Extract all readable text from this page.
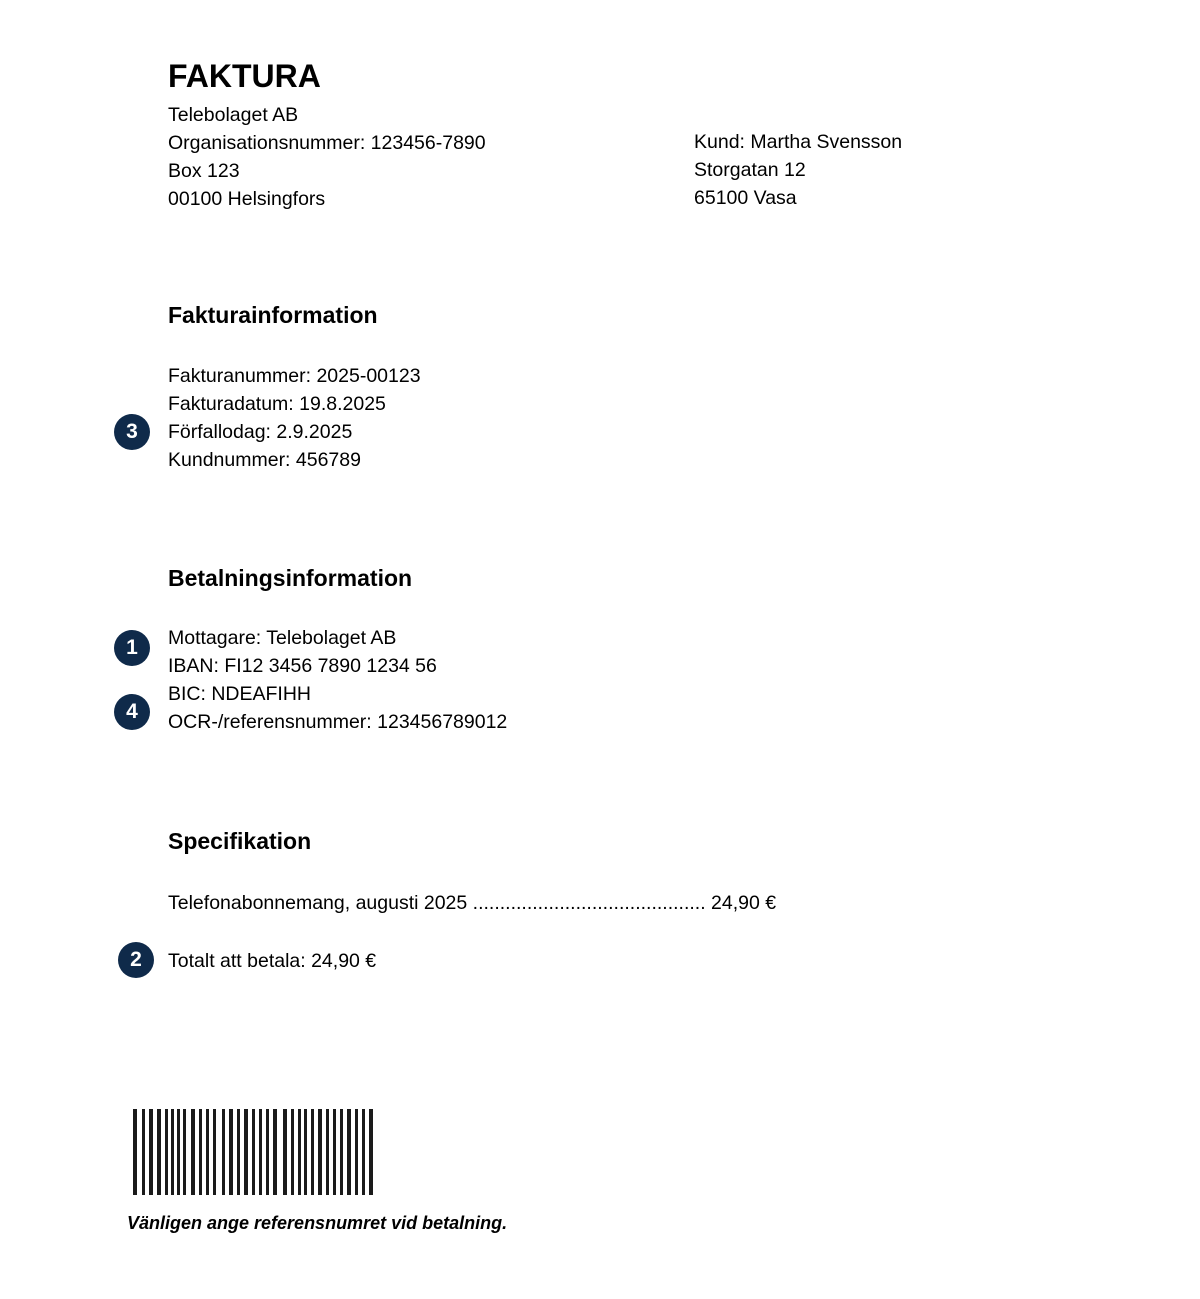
FAKTURA
Telebolaget AB
Organisationsnummer: 123456-7890
Box 123
00100 Helsingfors
Kund: Martha Svensson
Storgatan 12
65100 Vasa
Fakturainformation
Fakturanummer: 2025-00123
Fakturadatum: 19.8.2025
Förfallodag: 2.9.2025
Kundnummer: 456789
3
Betalningsinformation
Mottagare: Telebolaget AB
IBAN: FI12 3456 7890 1234 56
BIC: NDEAFIHH
OCR-/referensnummer: 123456789012
1
4
Specifikation
Telefonabonnemang, augusti 2025 ........................................... 24,90 €
Totalt att betala: 24,90 €
2
Vänligen ange referensnumret vid betalning.
